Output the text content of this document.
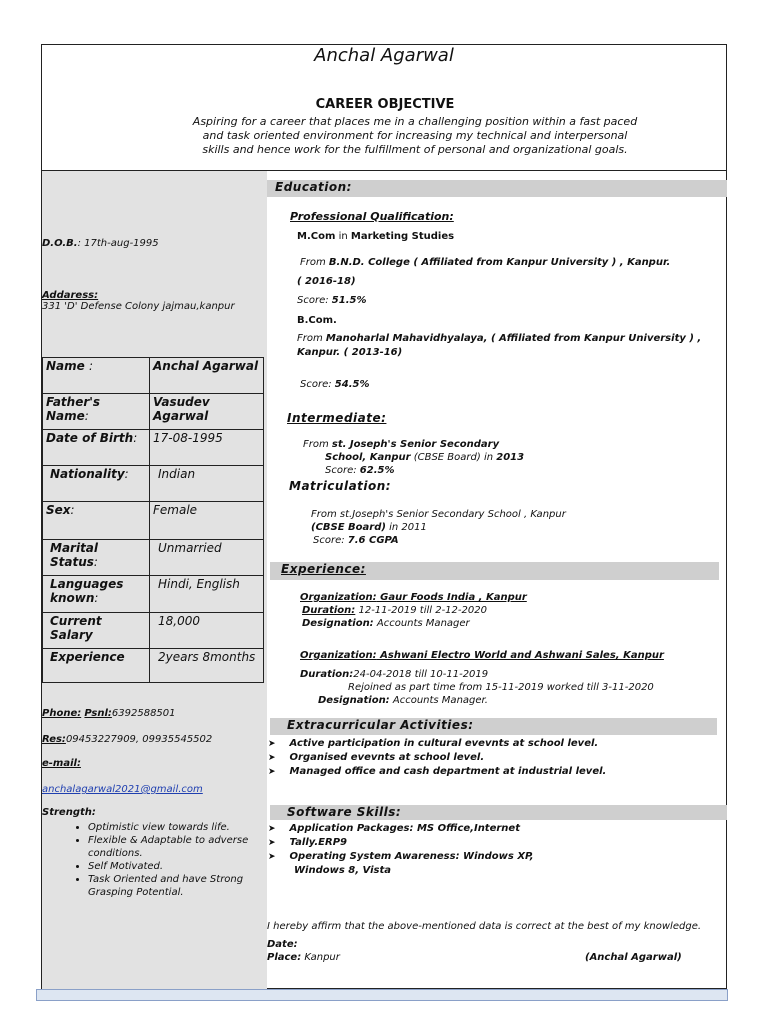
Anchal Agarwal
CAREER OBJECTIVE
Aspiring for a career that places me in a challenging position within a fast paced
and task oriented environment for increasing my technical and interpersonal
skills and hence work for the fulfillment of personal and organizational goals.
D.O.B.: 17th-aug-1995
Addaress:
331 'D' Defense Colony jajmau,kanpur
Name :	Anchal Agarwal
Father's Name:	Vasudev Agarwal
Date of Birth:	17-08-1995
Nationality:	Indian
Sex:	Female
Marital Status:	Unmarried
Languages known:	Hindi, English
Current Salary	18,000
Experience	2years 8months
Phone: Psnl:6392588501
Res:09453227909, 09935545502
e-mail:
anchalagarwal2021@gmail.com
Strength:
• Optimistic view towards life.
• Flexible & Adaptable to adverse conditions.
• Self Motivated.
• Task Oriented and have Strong Grasping Potential.
Education:
Professional Qualification:
M.Com in Marketing Studies
From B.N.D. College ( Affiliated from Kanpur University ) , Kanpur.
( 2016-18)
Score: 51.5%
B.Com.
From Manoharlal Mahavidhyalaya, ( Affiliated from Kanpur University ) ,
Kanpur. ( 2013-16)
Score: 54.5%
Intermediate:
From st. Joseph's Senior Secondary
School, Kanpur (CBSE Board) in 2013
Score: 62.5%
Matriculation:
From st.Joseph's Senior Secondary School , Kanpur
(CBSE Board) in 2011
Score: 7.6 CGPA
Experience:
Organization: Gaur Foods India , Kanpur
Duration: 12-11-2019 till 2-12-2020
Designation: Accounts Manager
Organization: Ashwani Electro World and Ashwani Sales, Kanpur
Duration:24-04-2018 till 10-11-2019
Rejoined as part time from 15-11-2019 worked till 3-11-2020
Designation: Accounts Manager.
Extracurricular Activities:
➤ Active participation in cultural evevnts at school level.
➤ Organised evevnts at school level.
➤ Managed office and cash department at industrial level.
Software Skills:
➤ Application Packages: MS Office,Internet
➤ Tally.ERP9
➤ Operating System Awareness: Windows XP,
Windows 8, Vista
I hereby affirm that the above-mentioned data is correct at the best of my knowledge.
Date:
Place: Kanpur	(Anchal Agarwal)
